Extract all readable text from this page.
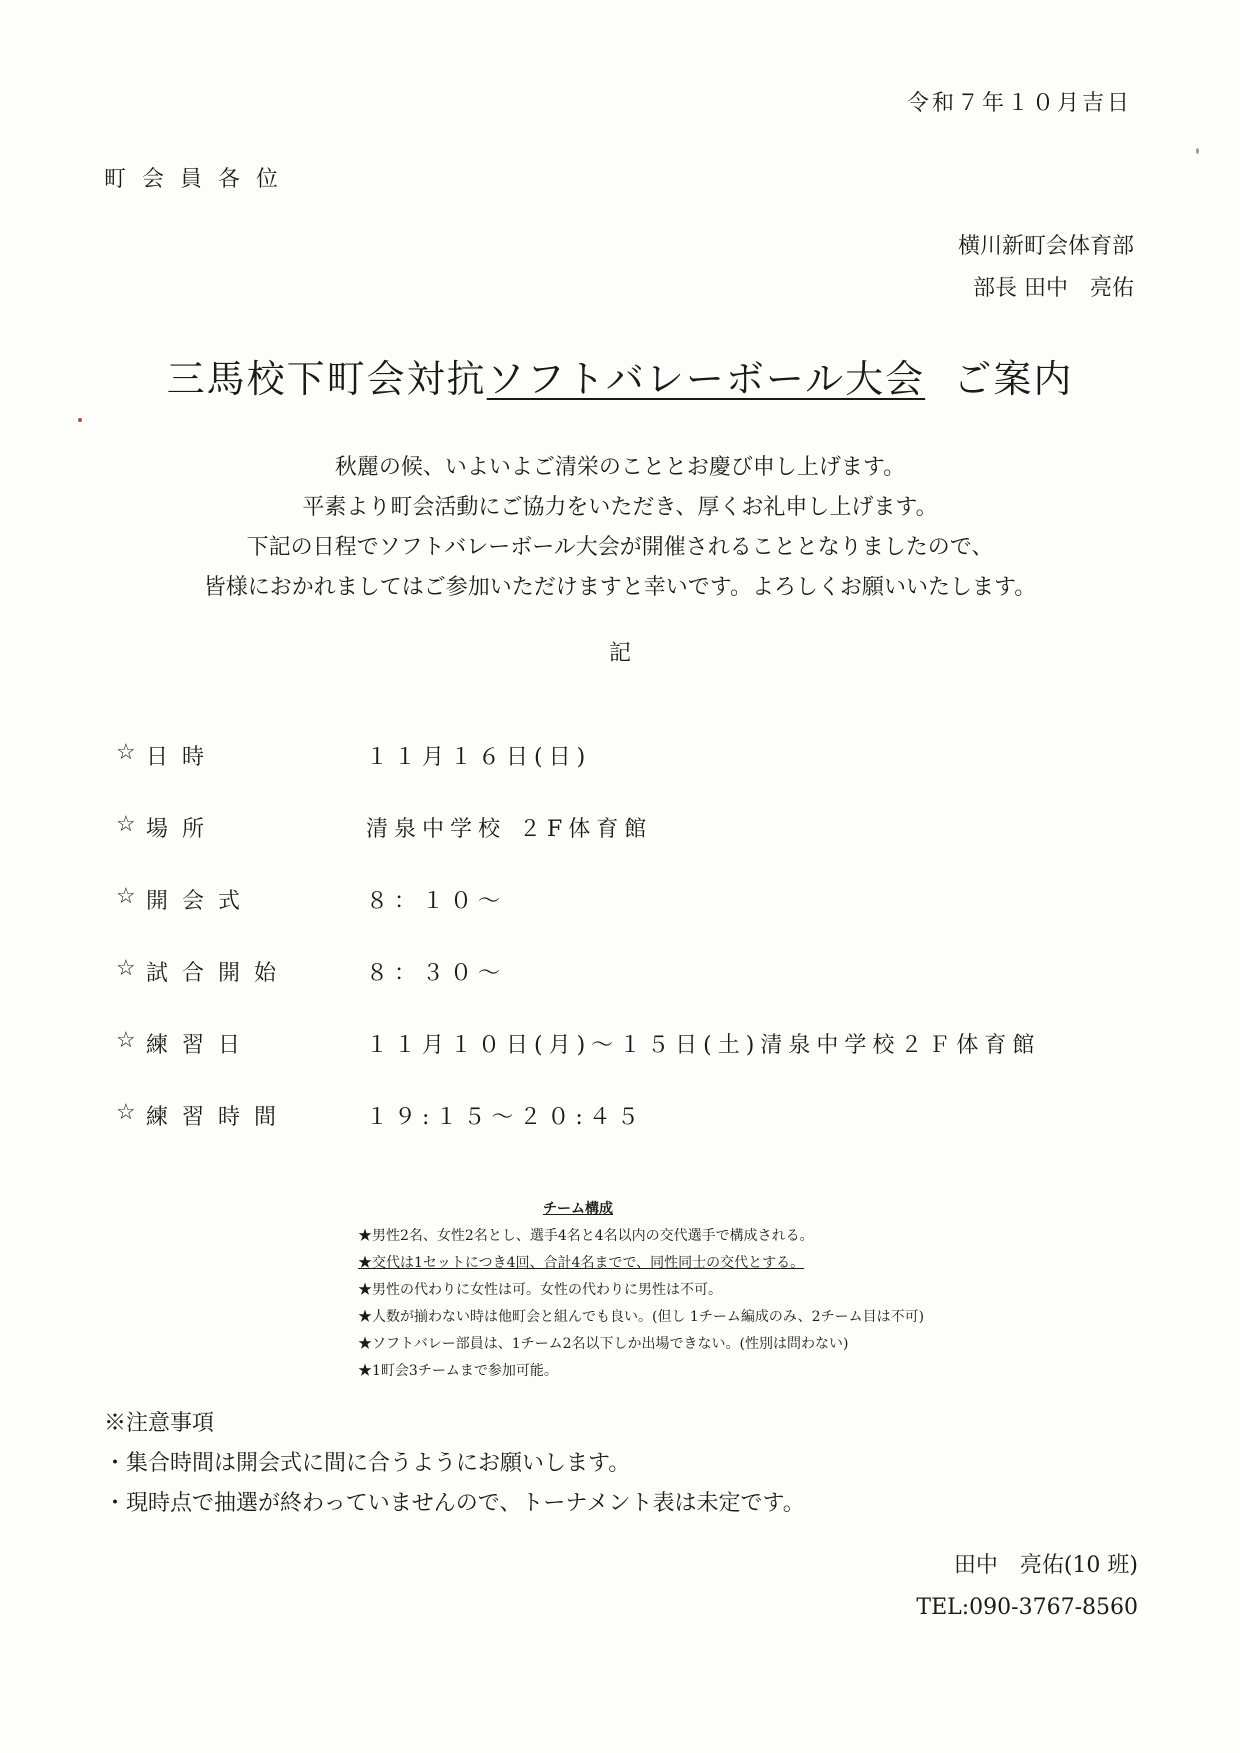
令和７年１０月吉日
町会員各位
横川新町会体育部
部長 田中　亮佑
三馬校下町会対抗ソフトバレーボール大会 ご案内
秋麗の候、いよいよご清栄のこととお慶び申し上げます。
平素より町会活動にご協力をいただき、厚くお礼申し上げます。
下記の日程でソフトバレーボール大会が開催されることとなりましたので、
皆様におかれましてはご参加いただけますと幸いです。よろしくお願いいたします。
記
☆ 日時	１１月１６日(日)
☆ 場所	清泉中学校 ２F体育館
☆ 開会式	８：１０～
☆ 試合開始	８：３０～
☆ 練習日	１１月１０日(月)～１５日(土)清泉中学校２Ｆ体育館
☆ 練習時間	１９:１５～２０:４５
チーム構成
★男性2名、女性2名とし、選手4名と4名以内の交代選手で構成される。
★交代は1セットにつき4回、合計4名までで、同性同士の交代とする。
★男性の代わりに女性は可。女性の代わりに男性は不可。
★人数が揃わない時は他町会と組んでも良い。(但し 1チーム編成のみ、2チーム目は不可)
★ソフトバレー部員は、1チーム2名以下しか出場できない。(性別は問わない)
★1町会3チームまで参加可能。
※注意事項
・集合時間は開会式に間に合うようにお願いします。
・現時点で抽選が終わっていませんので、トーナメント表は未定です。
田中　亮佑(10 班)
TEL:090-3767-8560
